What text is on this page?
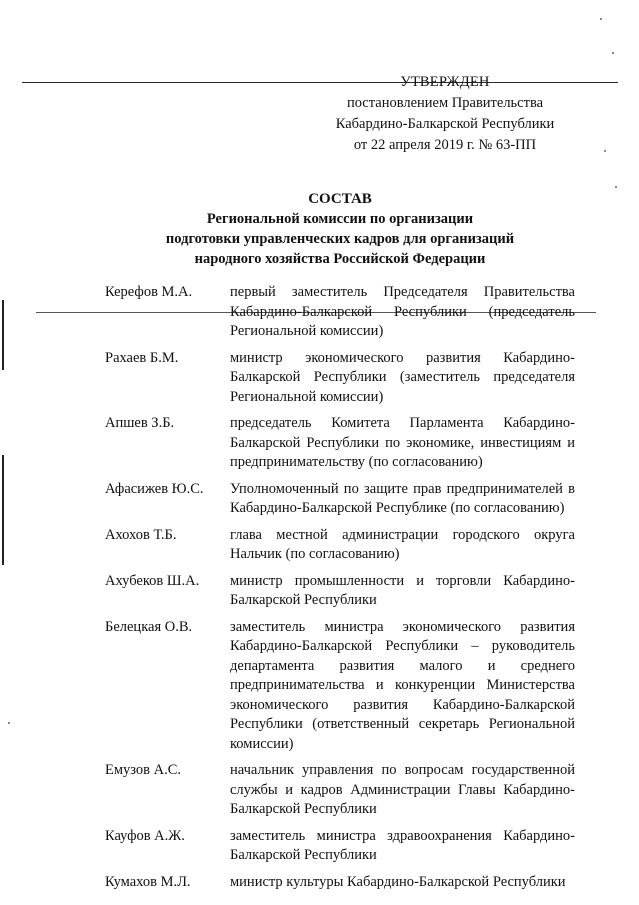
УТВЕРЖДЕН
постановлением Правительства
Кабардино-Балкарской Республики
от 22 апреля 2019 г. № 63-ПП
СОСТАВ
Региональной комиссии по организации
подготовки управленческих кадров для организаций
народного хозяйства Российской Федерации
Керефов М.А.	первый заместитель Председателя Правительства Кабардино-Балкарской Республики (председатель Региональной комиссии)
Рахаев Б.М.	министр экономического развития Кабардино-Балкарской Республики (заместитель председателя Региональной комиссии)
Апшев З.Б.	председатель Комитета Парламента Кабардино-Балкарской Республики по экономике, инвестициям и предпринимательству (по согласованию)
Афасижев Ю.С.	Уполномоченный по защите прав предпринимателей в Кабардино-Балкарской Республике (по согласованию)
Ахохов Т.Б.	глава местной администрации городского округа Нальчик (по согласованию)
Ахубеков Ш.А.	министр промышленности и торговли Кабардино-Балкарской Республики
Белецкая О.В.	заместитель министра экономического развития Кабардино-Балкарской Республики – руководитель департамента развития малого и среднего предпринимательства и конкуренции Министерства экономического развития Кабардино-Балкарской Республики (ответственный секретарь Региональной комиссии)
Емузов А.С.	начальник управления по вопросам государственной службы и кадров Администрации Главы Кабардино-Балкарской Республики
Кауфов А.Ж.	заместитель министра здравоохранения Кабардино-Балкарской Республики
Кумахов М.Л.	министр культуры Кабардино-Балкарской Республики
